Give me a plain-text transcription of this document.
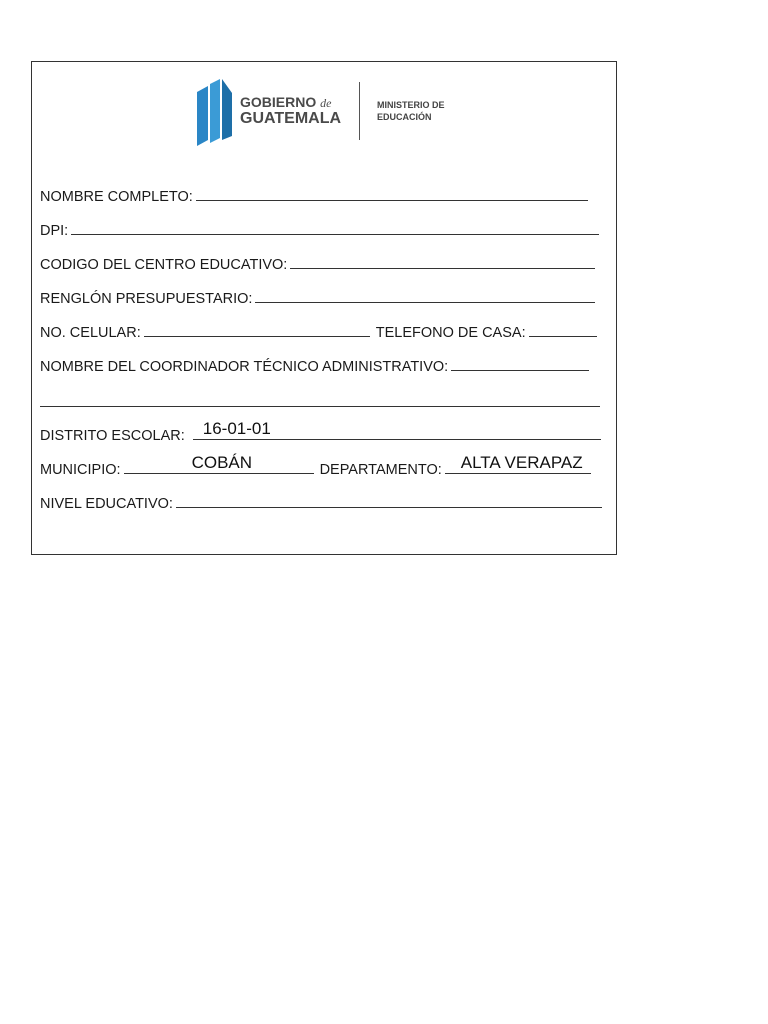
GOBIERNO de
GUATEMALA
MINISTERIO DE
EDUCACIÓN
NOMBRE COMPLETO:
DPI:
CODIGO DEL CENTRO EDUCATIVO:
RENGLÓN PRESUPUESTARIO:
NO. CELULAR:	TELEFONO DE CASA:
NOMBRE DEL COORDINADOR TÉCNICO ADMINISTRATIVO:
DISTRITO ESCOLAR: 16-01-01
MUNICIPIO:	COBÁN	DEPARTAMENTO: ALTA VERAPAZ
NIVEL EDUCATIVO:
